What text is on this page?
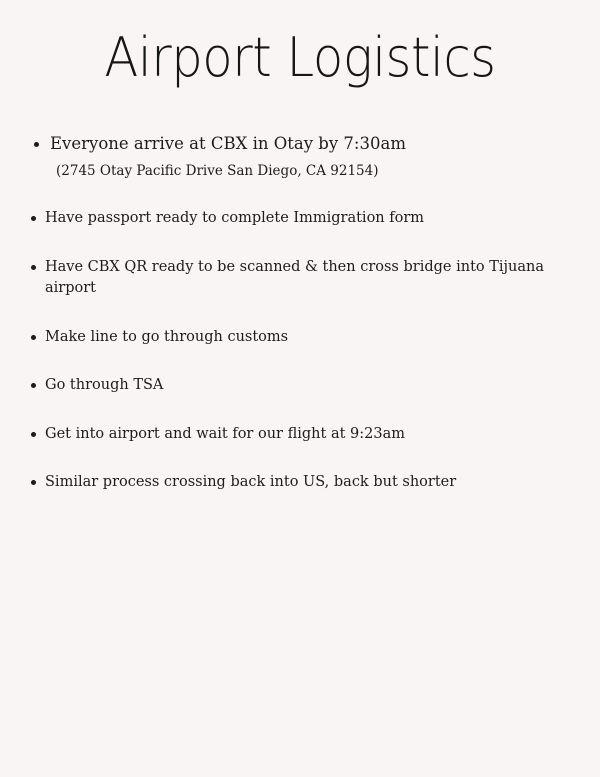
Airport Logistics
Everyone arrive at CBX in Otay by 7:30am
(2745 Otay Pacific Drive San Diego, CA 92154)
Have passport ready to complete Immigration form
Have CBX QR ready to be scanned & then cross bridge into Tijuana airport
Make line to go through customs
Go through TSA
Get into airport and wait for our flight at 9:23am
Similar process crossing back into US, back but shorter
